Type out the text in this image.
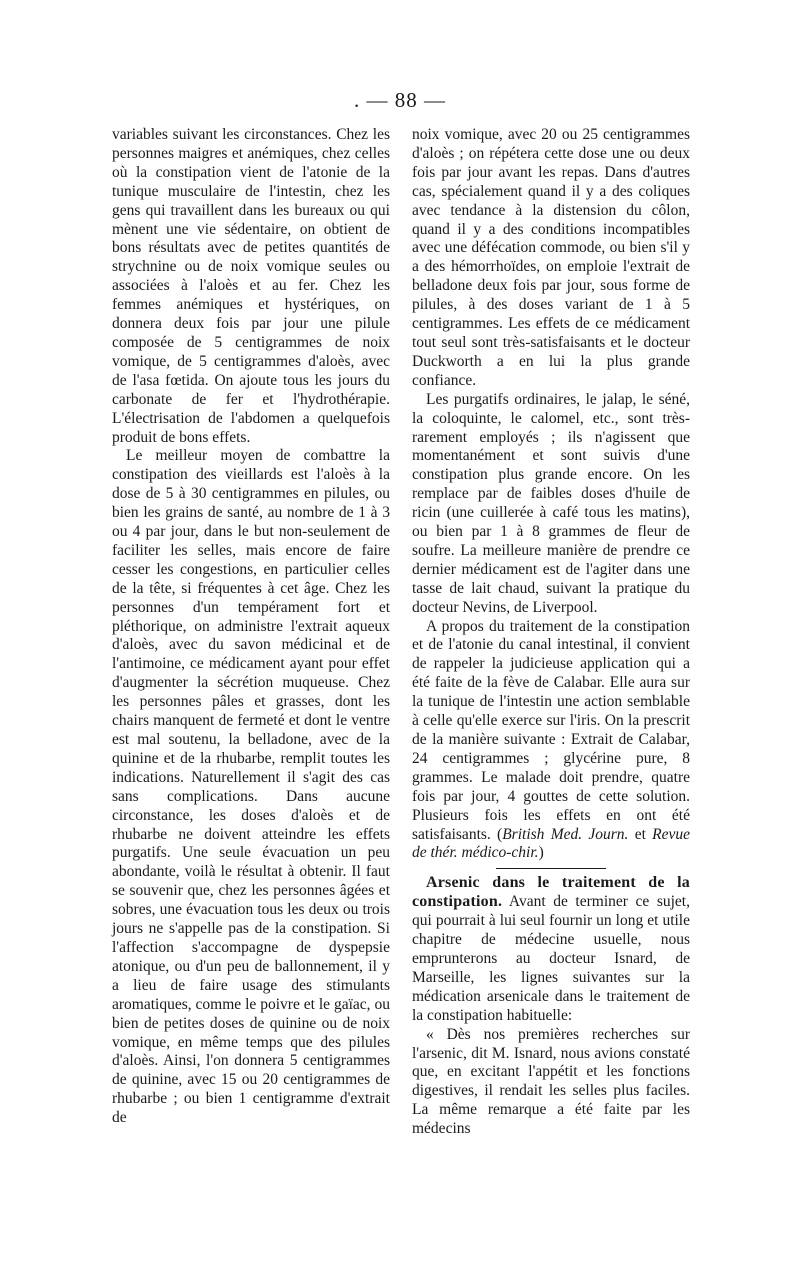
. — 88 —

variables suivant les circonstances. Chez les personnes maigres et anémiques, chez celles où la constipation vient de l'atonie de la tunique musculaire de l'intestin, chez les gens qui travaillent dans les bureaux ou qui mènent une vie sédentaire, on obtient de bons résultats avec de petites quantités de strychnine ou de noix vomique seules ou associées à l'aloès et au fer. Chez les femmes anémiques et hystériques, on donnera deux fois par jour une pilule composée de 5 centigrammes de noix vomique, de 5 centigrammes d'aloès, avec de l'asa fœtida. On ajoute tous les jours du carbonate de fer et l'hydrothérapie. L'électrisation de l'abdomen a quelquefois produit de bons effets.

Le meilleur moyen de combattre la constipation des vieillards est l'aloès à la dose de 5 à 30 centigrammes en pilules, ou bien les grains de santé, au nombre de 1 à 3 ou 4 par jour, dans le but non-seulement de faciliter les selles, mais encore de faire cesser les congestions, en particulier celles de la tête, si fréquentes à cet âge. Chez les personnes d'un tempérament fort et pléthorique, on administre l'extrait aqueux d'aloès, avec du savon médicinal et de l'antimoine, ce médicament ayant pour effet d'augmenter la sécrétion muqueuse. Chez les personnes pâles et grasses, dont les chairs manquent de fermeté et dont le ventre est mal soutenu, la belladone, avec de la quinine et de la rhubarbe, remplit toutes les indications. Naturellement il s'agit des cas sans complications. Dans aucune circonstance, les doses d'aloès et de rhubarbe ne doivent atteindre les effets purgatifs. Une seule évacuation un peu abondante, voilà le résultat à obtenir. Il faut se souvenir que, chez les personnes âgées et sobres, une évacuation tous les deux ou trois jours ne s'appelle pas de la constipation. Si l'affection s'accompagne de dyspepsie atonique, ou d'un peu de ballonnement, il y a lieu de faire usage des stimulants aromatiques, comme le poivre et le gaïac, ou bien de petites doses de quinine ou de noix vomique, en même temps que des pilules d'aloès. Ainsi, l'on donnera 5 centigrammes de quinine, avec 15 ou 20 centigrammes de rhubarbe ; ou bien 1 centigramme d'extrait de

noix vomique, avec 20 ou 25 centigrammes d'aloès ; on répétera cette dose une ou deux fois par jour avant les repas. Dans d'autres cas, spécialement quand il y a des coliques avec tendance à la distension du côlon, quand il y a des conditions incompatibles avec une défécation commode, ou bien s'il y a des hémorrhoïdes, on emploie l'extrait de belladone deux fois par jour, sous forme de pilules, à des doses variant de 1 à 5 centigrammes. Les effets de ce médicament tout seul sont très-satisfaisants et le docteur Duckworth a en lui la plus grande confiance.

Les purgatifs ordinaires, le jalap, le séné, la coloquinte, le calomel, etc., sont très-rarement employés ; ils n'agissent que momentanément et sont suivis d'une constipation plus grande encore. On les remplace par de faibles doses d'huile de ricin (une cuillerée à café tous les matins), ou bien par 1 à 8 grammes de fleur de soufre. La meilleure manière de prendre ce dernier médicament est de l'agiter dans une tasse de lait chaud, suivant la pratique du docteur Nevins, de Liverpool.

A propos du traitement de la constipation et de l'atonie du canal intestinal, il convient de rappeler la judicieuse application qui a été faite de la fève de Calabar. Elle aura sur la tunique de l'intestin une action semblable à celle qu'elle exerce sur l'iris. On la prescrit de la manière suivante : Extrait de Calabar, 24 centigrammes ; glycérine pure, 8 grammes. Le malade doit prendre, quatre fois par jour, 4 gouttes de cette solution. Plusieurs fois les effets en ont été satisfaisants. (British Med. Journ. et Revue de thér. médico-chir.)

Arsenic dans le traitement de la constipation. Avant de terminer ce sujet, qui pourrait à lui seul fournir un long et utile chapitre de médecine usuelle, nous emprunterons au docteur Isnard, de Marseille, les lignes suivantes sur la médication arsenicale dans le traitement de la constipation habituelle:

« Dès nos premières recherches sur l'arsenic, dit M. Isnard, nous avions constaté que, en excitant l'appétit et les fonctions digestives, il rendait les selles plus faciles. La même remarque a été faite par les médecins
